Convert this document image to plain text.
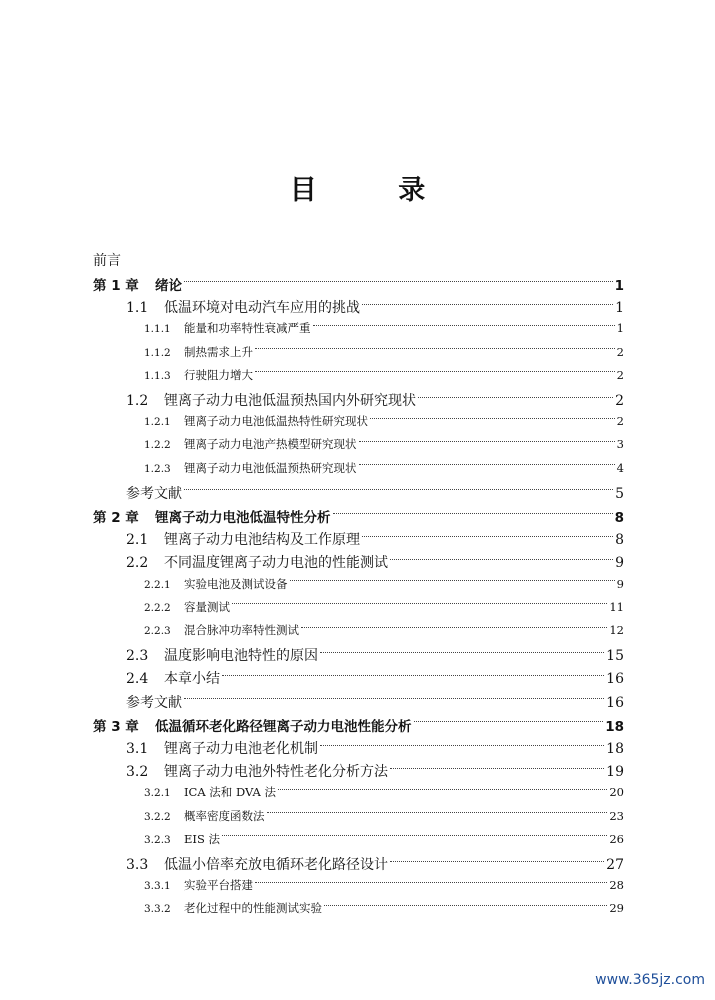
目 录
前言
第 1 章	绪论	1
1.1 低温环境对电动汽车应用的挑战	1
1.1.1 能量和功率特性衰减严重	1
1.1.2 制热需求上升	2
1.1.3 行驶阻力增大	2
1.2 锂离子动力电池低温预热国内外研究现状	2
1.2.1 锂离子动力电池低温热特性研究现状	2
1.2.2 锂离子动力电池产热模型研究现状	3
1.2.3 锂离子动力电池低温预热研究现状	4
参考文献	5
第 2 章	锂离子动力电池低温特性分析	8
2.1 锂离子动力电池结构及工作原理	8
2.2 不同温度锂离子动力电池的性能测试	9
2.2.1 实验电池及测试设备	9
2.2.2 容量测试	11
2.2.3 混合脉冲功率特性测试	12
2.3 温度影响电池特性的原因	15
2.4 本章小结	16
参考文献	16
第 3 章	低温循环老化路径锂离子动力电池性能分析	18
3.1 锂离子动力电池老化机制	18
3.2 锂离子动力电池外特性老化分析方法	19
3.2.1 ICA 法和 DVA 法	20
3.2.2 概率密度函数法	23
3.2.3 EIS 法	26
3.3 低温小倍率充放电循环老化路径设计	27
3.3.1 实验平台搭建	28
3.3.2 老化过程中的性能测试实验	29
www.365jz.com
